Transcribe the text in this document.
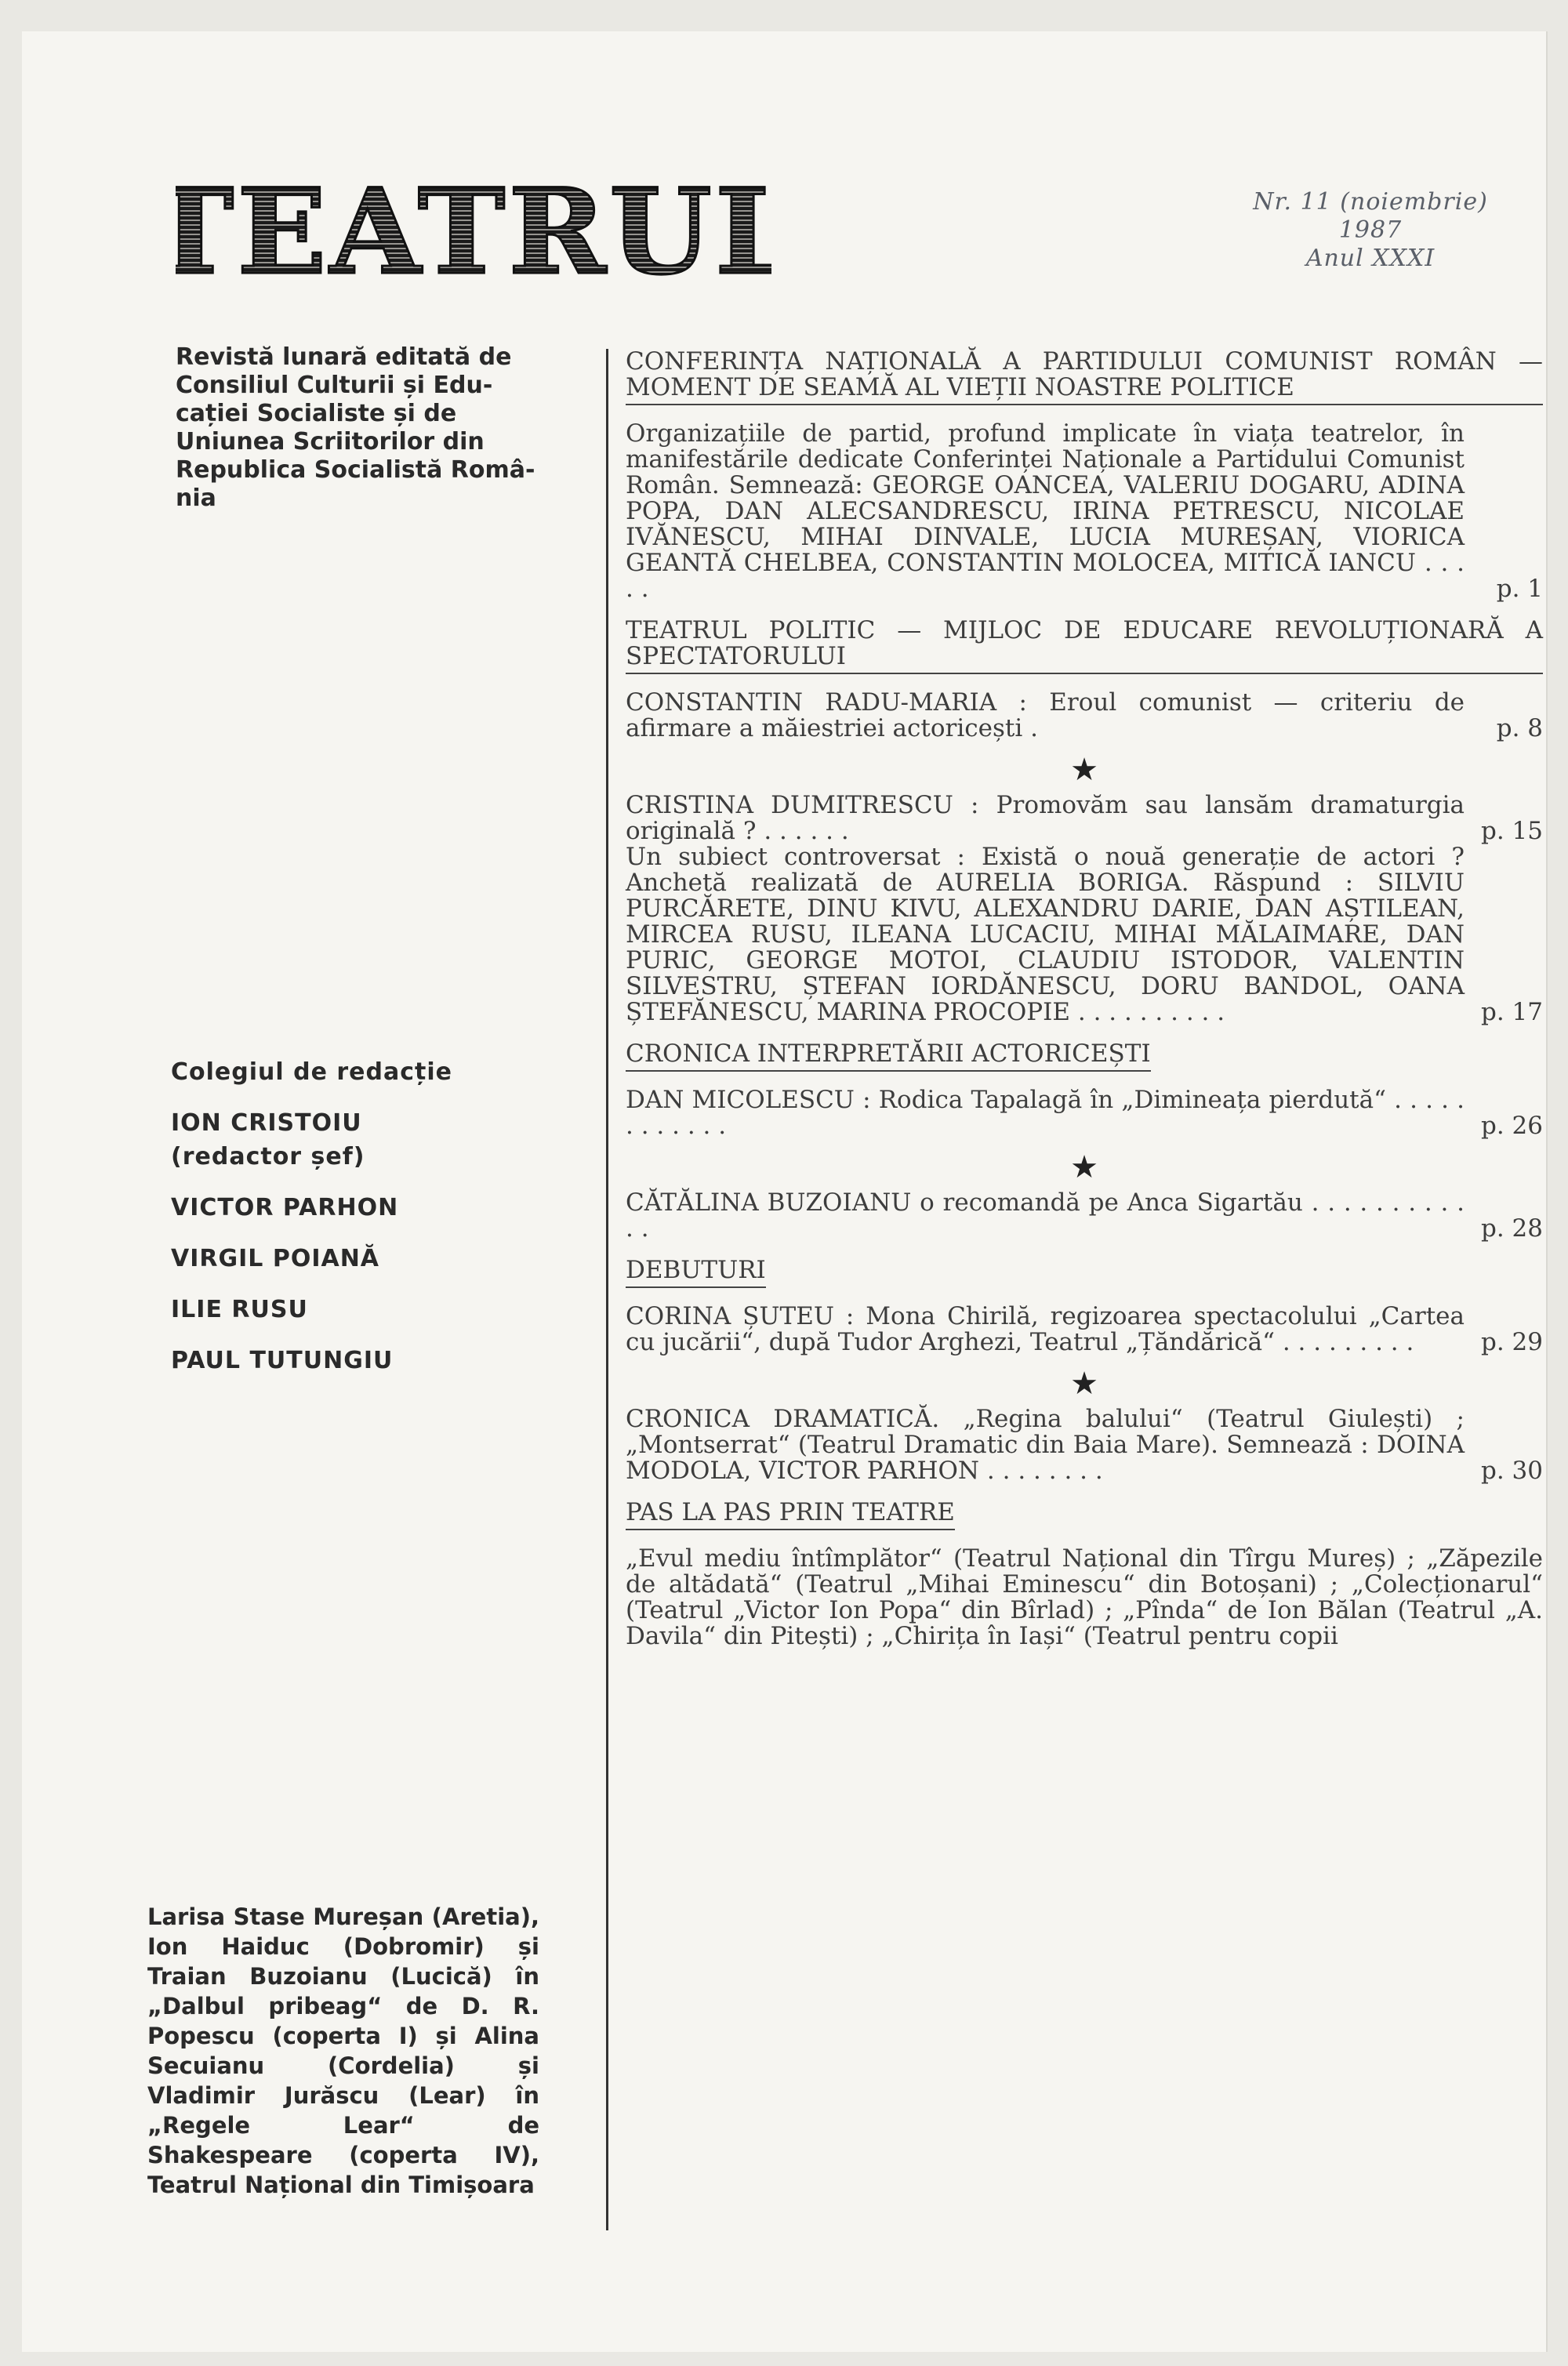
TEATRUL	Nr. 11 (noiembrie) 1987
Anul XXXI
Revistă lunară editată de
Consiliul Culturii și Edu-
cației Socialiste și de
Uniunea Scriitorilor din
Republica Socialistă Româ-
nia
Colegiul de redacție
ION CRISTOIU
(redactor șef)
VICTOR PARHON
VIRGIL POIANĂ
ILIE RUSU
PAUL TUTUNGIU
Larisa Stase Mureșan (Aretia), Ion Haiduc (Dobromir) și Traian Buzoianu (Lucică) în „Dalbul pribeag“ de D. R. Popescu (coperta I) și Alina Secuianu (Cordelia) și Vladimir Jurăscu (Lear) în „Regele Lear“ de Shakespeare (coperta IV), Teatrul Național din Timișoara
CONFERINȚA NAȚIONALĂ A PARTIDULUI COMUNIST ROMÂN — MOMENT DE SEAMĂ AL VIEȚII NOASTRE POLITICE
Organizațiile de partid, profund implicate în viața teatrelor, în manifestările dedicate Conferinței Naționale a Partidului Comunist Român. Semnează: GEORGE OANCEA, VALERIU DOGARU, ADINA POPA, DAN ALECSANDRESCU, IRINA PETRESCU, NICOLAE IVĂNESCU, MIHAI DINVALE, LUCIA MUREȘAN, VIORICA GEANTĂ CHELBEA, CONSTANTIN MOLOCEA, MITICĂ IANCU . . . . .	p. 1
TEATRUL POLITIC — MIJLOC DE EDUCARE REVOLUȚIONARĂ A SPECTATORULUI
CONSTANTIN RADU-MARIA : Eroul comunist — criteriu de afirmare a măiestriei actoricești .	p. 8
★
CRISTINA DUMITRESCU : Promovăm sau lansăm dramaturgia originală ? . . . . . .	p. 15
Un subiect controversat : Există o nouă generație de actori ? Anchetă realizată de AURELIA BORIGA. Răspund : SILVIU PURCĂRETE, DINU KIVU, ALEXANDRU DARIE, DAN AȘTILEAN, MIRCEA RUSU, ILEANA LUCACIU, MIHAI MĂLAIMARE, DAN PURIC, GEORGE MOTOI, CLAUDIU ISTODOR, VALENTIN SILVESTRU, ȘTEFAN IORDĂNESCU, DORU BANDOL, OANA ȘTEFĂNESCU, MARINA PROCOPIE . . . . . . . . . .	p. 17
CRONICA INTERPRETĂRII ACTORICEȘTI
DAN MICOLESCU : Rodica Tapalagă în „Dimineața pierdută“ . . . . . . . . . . . .	p. 26
★
CĂTĂLINA BUZOIANU o recomandă pe Anca Sigartău . . . . . . . . . . . .	p. 28
DEBUTURI
CORINA ȘUTEU : Mona Chirilă, regizoarea spectacolului „Cartea cu jucării“, după Tudor Arghezi, Teatrul „Țăndărică“ . . . . . . . . .	p. 29
★
CRONICA DRAMATICĂ. „Regina balului“ (Teatrul Giulești) ; „Montserrat“ (Teatrul Dramatic din Baia Mare). Semnează : DOINA MODOLA, VICTOR PARHON . . . . . . . .	p. 30
PAS LA PAS PRIN TEATRE
„Evul mediu întîmplător“ (Teatrul Național din Tîrgu Mureș) ; „Zăpezile de altădată“ (Teatrul „Mihai Eminescu“ din Botoșani) ; „Colecționarul“ (Teatrul „Victor Ion Popa“ din Bîrlad) ; „Pînda“ de Ion Bălan (Teatrul „A. Davila“ din Pitești) ; „Chirița în Iași“ (Teatrul pentru copii
